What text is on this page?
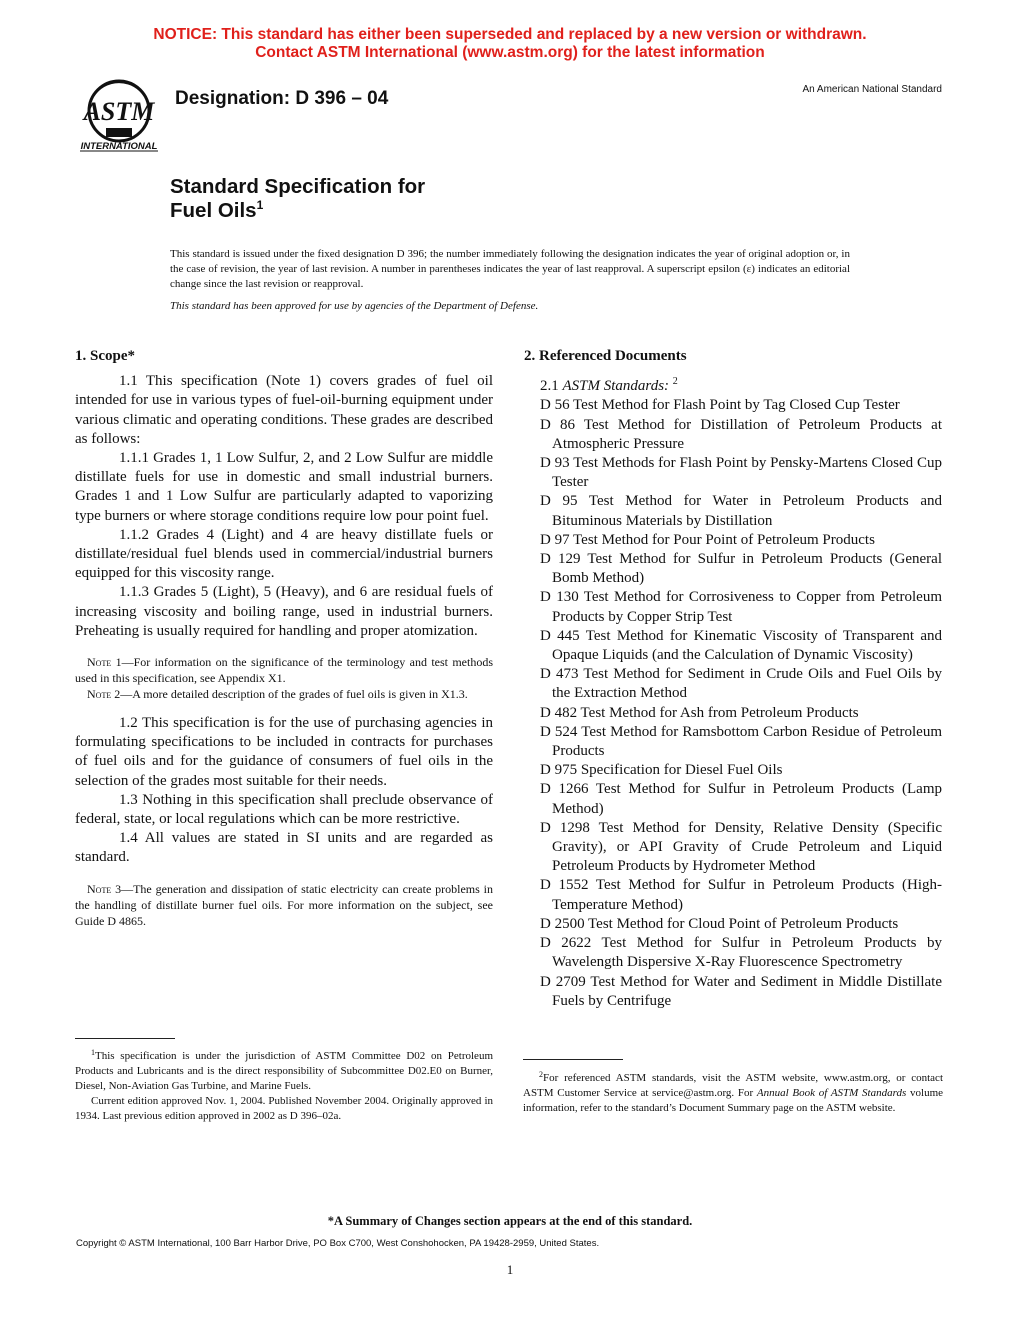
NOTICE: This standard has either been superseded and replaced by a new version or withdrawn.
Contact ASTM International (www.astm.org) for the latest information
ASTM
INTERNATIONAL
Designation: D 396 – 04	An American National Standard
Standard Specification for
Fuel Oils$^1$
This standard is issued under the fixed designation D 396; the number immediately following the designation indicates the year of original adoption or, in the case of revision, the year of last revision. A number in parentheses indicates the year of last reapproval. A superscript epsilon (ε) indicates an editorial change since the last revision or reapproval.
This standard has been approved for use by agencies of the Department of Defense.
1. Scope*

1.1 This specification (Note 1) covers grades of fuel oil intended for use in various types of fuel-oil-burning equipment under various climatic and operating conditions. These grades are described as follows:

1.1.1 Grades 1, 1 Low Sulfur, 2, and 2 Low Sulfur are middle distillate fuels for use in domestic and small industrial burners. Grades 1 and 1 Low Sulfur are particularly adapted to vaporizing type burners or where storage conditions require low pour point fuel.

1.1.2 Grades 4 (Light) and 4 are heavy distillate fuels or distillate/residual fuel blends used in commercial/industrial burners equipped for this viscosity range.

1.1.3 Grades 5 (Light), 5 (Heavy), and 6 are residual fuels of increasing viscosity and boiling range, used in industrial burners. Preheating is usually required for handling and proper atomization.

Note 1—For information on the significance of the terminology and test methods used in this specification, see Appendix X1.

Note 2—A more detailed description of the grades of fuel oils is given in X1.3.

1.2 This specification is for the use of purchasing agencies in formulating specifications to be included in contracts for purchases of fuel oils and for the guidance of consumers of fuel oils in the selection of the grades most suitable for their needs.

1.3 Nothing in this specification shall preclude observance of federal, state, or local regulations which can be more restrictive.

1.4 All values are stated in SI units and are regarded as standard.

Note 3—The generation and dissipation of static electricity can create problems in the handling of distillate burner fuel oils. For more information on the subject, see Guide D 4865.

2. Referenced Documents
2.1 ASTM Standards: $^2$

D 56 Test Method for Flash Point by Tag Closed Cup Tester

D 86 Test Method for Distillation of Petroleum Products at Atmospheric Pressure

D 93 Test Methods for Flash Point by Pensky-Martens Closed Cup Tester

D 95 Test Method for Water in Petroleum Products and Bituminous Materials by Distillation

D 97 Test Method for Pour Point of Petroleum Products

D 129 Test Method for Sulfur in Petroleum Products (General Bomb Method)

D 130 Test Method for Corrosiveness to Copper from Petroleum Products by Copper Strip Test

D 445 Test Method for Kinematic Viscosity of Transparent and Opaque Liquids (and the Calculation of Dynamic Viscosity)

D 473 Test Method for Sediment in Crude Oils and Fuel Oils by the Extraction Method

D 482 Test Method for Ash from Petroleum Products

D 524 Test Method for Ramsbottom Carbon Residue of Petroleum Products

D 975 Specification for Diesel Fuel Oils

D 1266 Test Method for Sulfur in Petroleum Products (Lamp Method)

D 1298 Test Method for Density, Relative Density (Specific Gravity), or API Gravity of Crude Petroleum and Liquid Petroleum Products by Hydrometer Method

D 1552 Test Method for Sulfur in Petroleum Products (High-Temperature Method)

D 2500 Test Method for Cloud Point of Petroleum Products

D 2622 Test Method for Sulfur in Petroleum Products by Wavelength Dispersive X-Ray Fluorescence Spectrometry

D 2709 Test Method for Water and Sediment in Middle Distillate Fuels by Centrifuge

$^1$This specification is under the jurisdiction of ASTM Committee D02 on Petroleum Products and Lubricants and is the direct responsibility of Subcommittee D02.E0 on Burner, Diesel, Non-Aviation Gas Turbine, and Marine Fuels.
Current edition approved Nov. 1, 2004. Published November 2004. Originally approved in 1934. Last previous edition approved in 2002 as D 396–02a.
$^2$For referenced ASTM standards, visit the ASTM website, www.astm.org, or contact ASTM Customer Service at service@astm.org. For Annual Book of ASTM Standards volume information, refer to the standard’s Document Summary page on the ASTM website.
*A Summary of Changes section appears at the end of this standard.
Copyright © ASTM International, 100 Barr Harbor Drive, PO Box C700, West Conshohocken, PA 19428-2959, United States.
1
